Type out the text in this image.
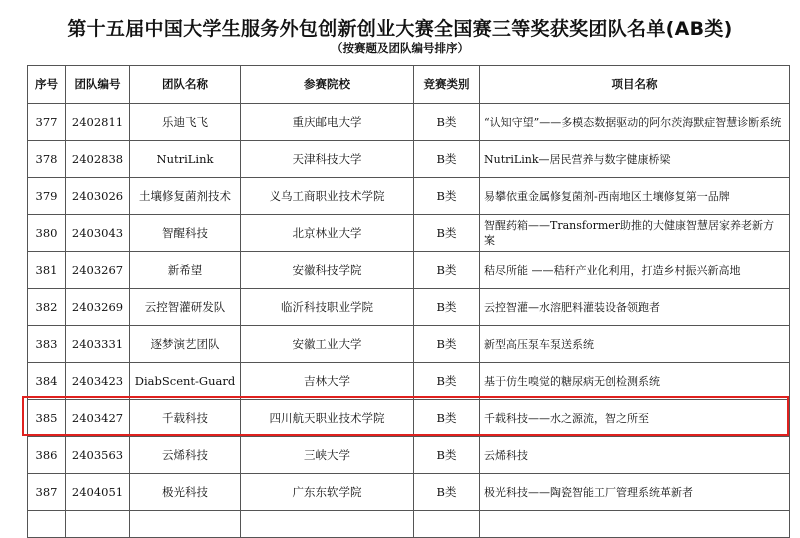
第十五届中国大学生服务外包创新创业大赛全国赛三等奖获奖团队名单(AB类)
（按赛题及团队编号排序）
序号	团队编号	团队名称	参赛院校	竞赛类别	项目名称
377	2402811	乐迪飞飞	重庆邮电大学	B类	“认知守望”——多模态数据驱动的阿尔茨海默症智慧诊断系统
378	2402838	NutriLink	天津科技大学	B类	NutriLink—居民营养与数字健康桥梁
379	2403026	土壤修复菌剂技术	义乌工商职业技术学院	B类	易攀依重金属修复菌剂-西南地区土壤修复第一品牌
380	2403043	智醒科技	北京林业大学	B类	智醒药箱——Transformer助推的大健康智慧居家养老新方案
381	2403267	新希望	安徽科技学院	B类	秸尽所能 ——秸秆产业化利用，打造乡村振兴新高地
382	2403269	云控智灌研发队	临沂科技职业学院	B类	云控智灌—水溶肥料灌装设备领跑者
383	2403331	逐梦演艺团队	安徽工业大学	B类	新型高压泵车泵送系统
384	2403423	DiabScent-Guard	吉林大学	B类	基于仿生嗅觉的糖尿病无创检测系统
385	2403427	千载科技	四川航天职业技术学院	B类	千载科技——水之源流，智之所至
386	2403563	云烯科技	三峡大学	B类	云烯科技
387	2404051	极光科技	广东东软学院	B类	极光科技——陶瓷智能工厂管理系统革新者
